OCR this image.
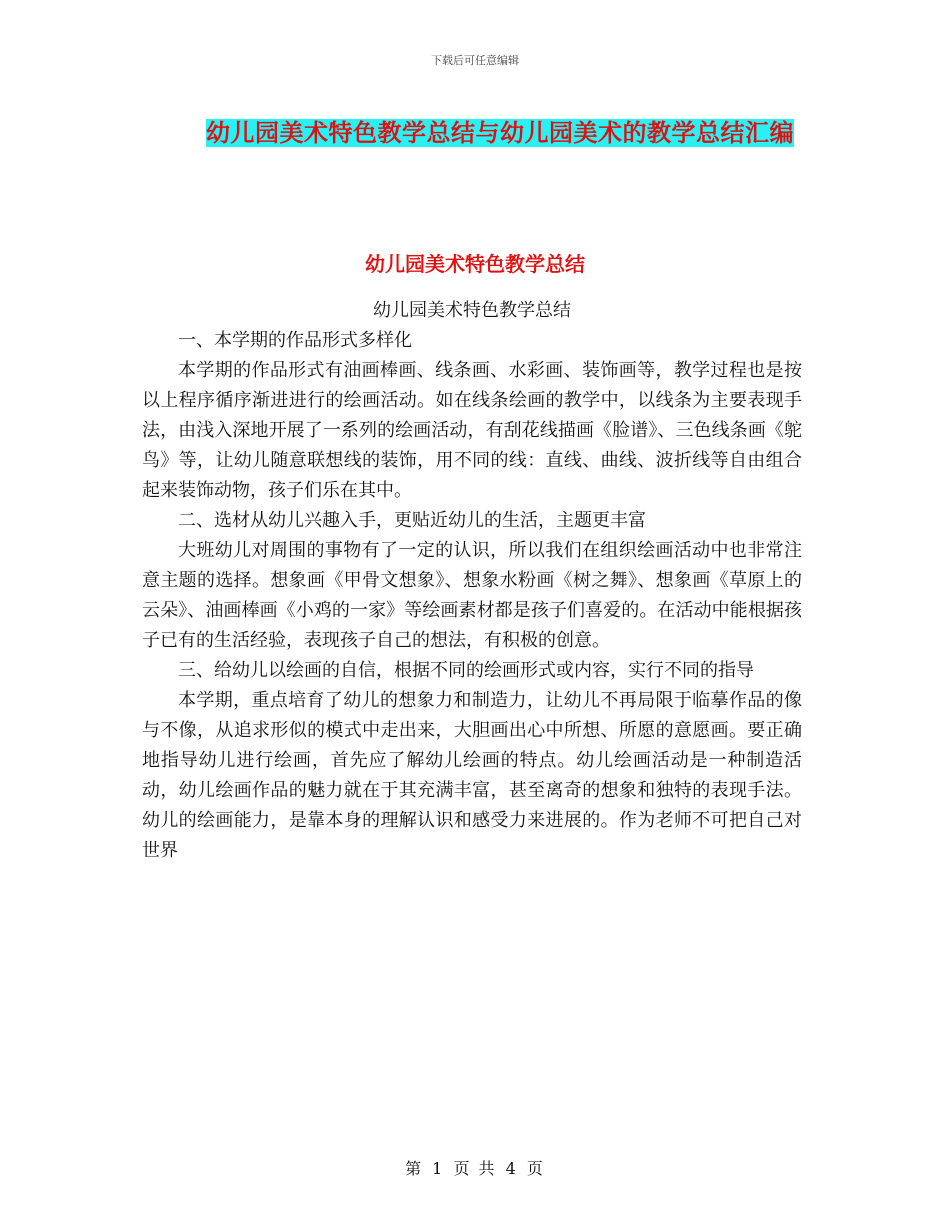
下载后可任意编辑
幼儿园美术特色教学总结与幼儿园美术的教学总结汇编
幼儿园美术特色教学总结

幼儿园美术特色教学总结

一、本学期的作品形式多样化

本学期的作品形式有油画棒画、线条画、水彩画、装饰画等，教学过程也是按以上程序循序渐进进行的绘画活动。如在线条绘画的教学中，以线条为主要表现手法，由浅入深地开展了一系列的绘画活动，有刮花线描画《脸谱》、三色线条画《鸵鸟》等，让幼儿随意联想线的装饰，用不同的线：直线、曲线、波折线等自由组合起来装饰动物，孩子们乐在其中。

二、选材从幼儿兴趣入手，更贴近幼儿的生活，主题更丰富

大班幼儿对周围的事物有了一定的认识，所以我们在组织绘画活动中也非常注意主题的选择。想象画《甲骨文想象》、想象水粉画《树之舞》、想象画《草原上的云朵》、油画棒画《小鸡的一家》等绘画素材都是孩子们喜爱的。在活动中能根据孩子已有的生活经验，表现孩子自己的想法，有积极的创意。

三、给幼儿以绘画的自信，根据不同的绘画形式或内容，实行不同的指导

本学期，重点培育了幼儿的想象力和制造力，让幼儿不再局限于临摹作品的像与不像，从追求形似的模式中走出来，大胆画出心中所想、所愿的意愿画。要正确地指导幼儿进行绘画，首先应了解幼儿绘画的特点。幼儿绘画活动是一种制造活动，幼儿绘画作品的魅力就在于其充满丰富，甚至离奇的想象和独特的表现手法。幼儿的绘画能力，是靠本身的理解认识和感受力来进展的。作为老师不可把自己对世界

第 1 页 共 4 页
